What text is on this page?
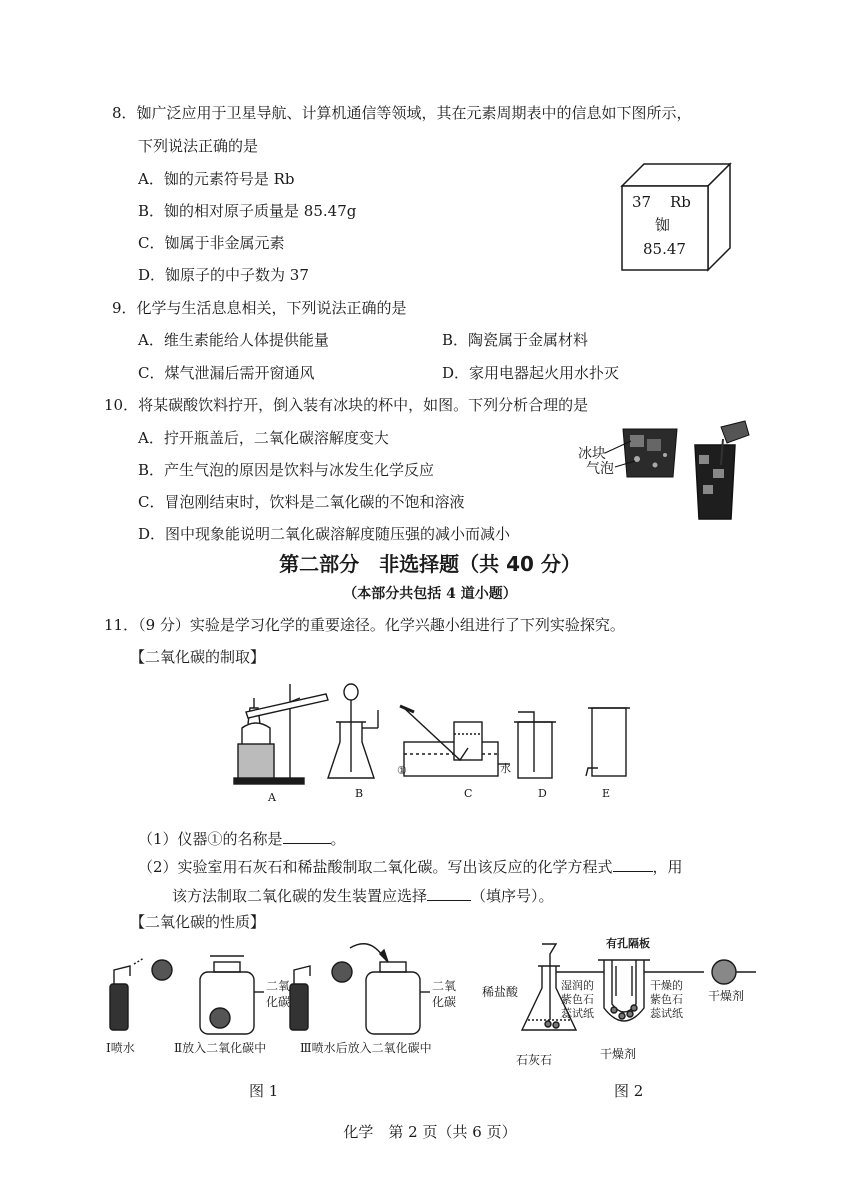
8．铷广泛应用于卫星导航、计算机通信等领域，其在元素周期表中的信息如下图所示，
下列说法正确的是
A．铷的元素符号是 Rb
B．铷的相对原子质量是 85.47g
C．铷属于非金属元素
D．铷原子的中子数为 37
37 Rb
铷
85.47
9．化学与生活息息相关，下列说法正确的是
A．维生素能给人体提供能量	B．陶瓷属于金属材料
C．煤气泄漏后需开窗通风	D．家用电器起火用水扑灭
10．将某碳酸饮料拧开，倒入装有冰块的杯中，如图。下列分析合理的是
A．拧开瓶盖后，二氧化碳溶解度变大
B．产生气泡的原因是饮料与冰发生化学反应
C．冒泡刚结束时，饮料是二氧化碳的不饱和溶液
D．图中现象能说明二氧化碳溶解度随压强的减小而减小
冰块
气泡
第二部分　非选择题（共 40 分）
（本部分共包括 4 道小题）
11．（9 分）实验是学习化学的重要途径。化学兴趣小组进行了下列实验探究。
【二氧化碳的制取】
A	B	C	D	E
①	水
（1）仪器①的名称是	。
（2）实验室用石灰石和稀盐酸制取二氧化碳。写出该反应的化学方程式	，用
该方法制取二氧化碳的发生装置应选择	（填序号）。
【二氧化碳的性质】
二氧
化碳
二氧
化碳
Ⅰ喷水	Ⅱ放入二氧化碳中	Ⅲ喷水后放入二氧化碳中
图 1
有孔隔板
稀盐酸	湿润的
紫色石
蕊试纸
干燥的
紫色石
蕊试纸
干燥剂
石灰石	干燥剂
图 2
化学　第 2 页（共 6 页）
